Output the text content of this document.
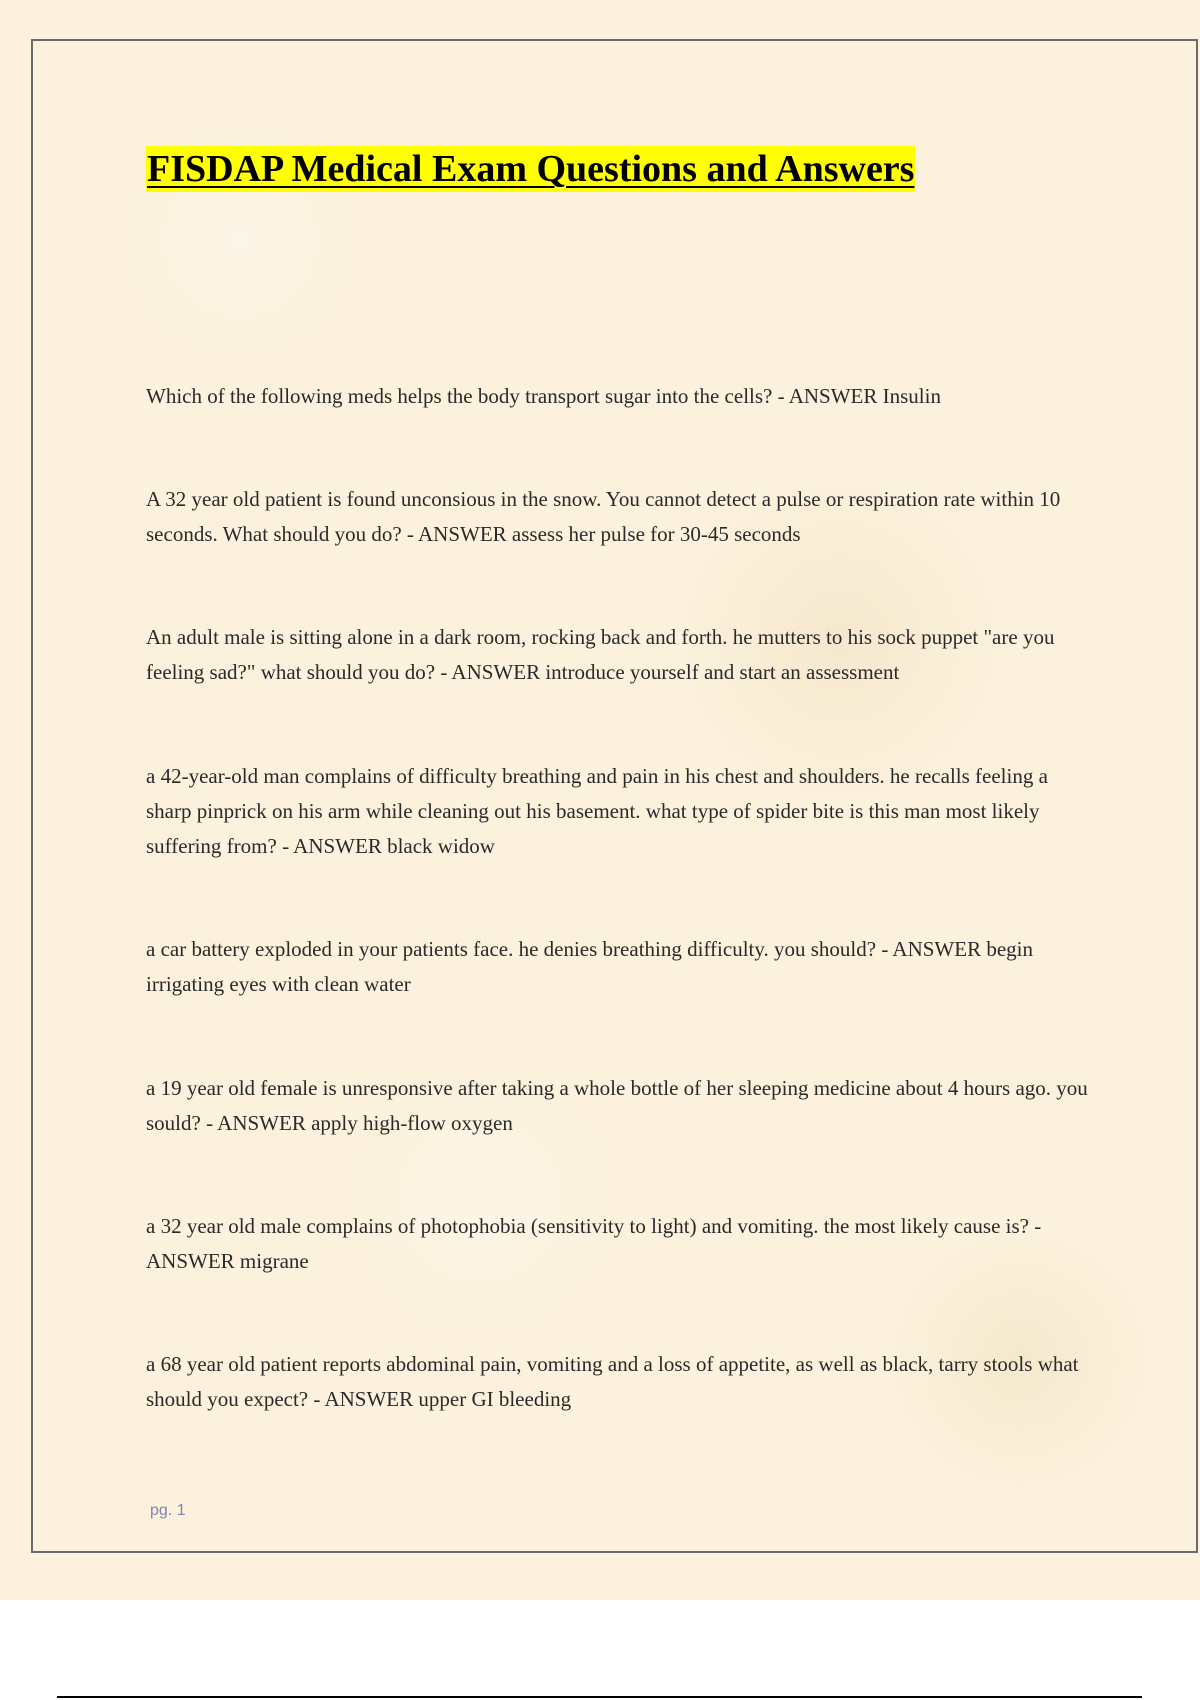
FISDAP Medical Exam Questions and Answers

Which of the following meds helps the body transport sugar into the cells? - ANSWER Insulin

A 32 year old patient is found unconsious in the snow. You cannot detect a pulse or respiration rate within 10 seconds. What should you do? - ANSWER assess her pulse for 30-45 seconds

An adult male is sitting alone in a dark room, rocking back and forth. he mutters to his sock puppet "are you feeling sad?" what should you do? - ANSWER introduce yourself and start an assessment

a 42-year-old man complains of difficulty breathing and pain in his chest and shoulders. he recalls feeling a sharp pinprick on his arm while cleaning out his basement. what type of spider bite is this man most likely suffering from? - ANSWER black widow

a car battery exploded in your patients face. he denies breathing difficulty. you should? - ANSWER begin irrigating eyes with clean water

a 19 year old female is unresponsive after taking a whole bottle of her sleeping medicine about 4 hours ago. you sould? - ANSWER apply high-flow oxygen

a 32 year old male complains of photophobia (sensitivity to light) and vomiting. the most likely cause is? - ANSWER migrane

a 68 year old patient reports abdominal pain, vomiting and a loss of appetite, as well as black, tarry stools what should you expect? - ANSWER upper GI bleeding

pg. 1
